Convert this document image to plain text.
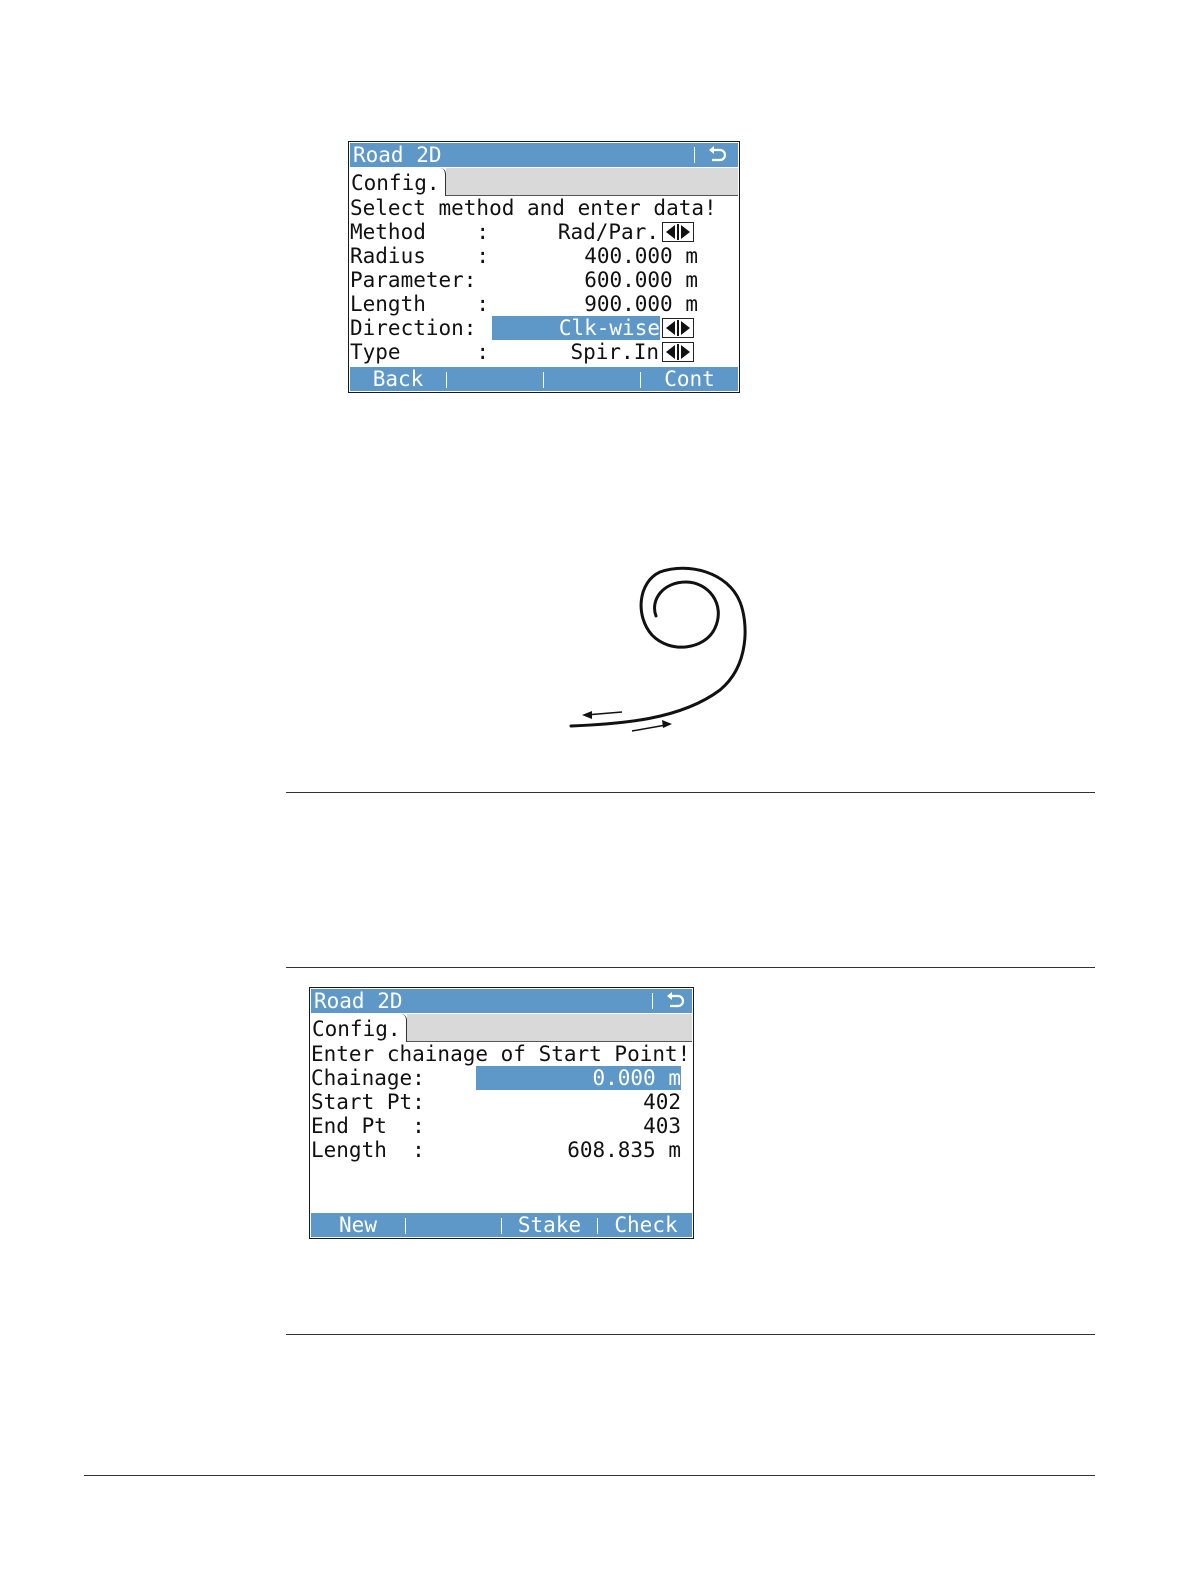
Road 2D
Config.
Select method and enter data!
Method    :	Rad/Par.
Radius    :	400.000 m
Parameter:	600.000 m
Length    :	900.000 m
Direction:	Clk-wise
Type      :	Spir.In
Back	Cont
Road 2D
Config.
Enter chainage of Start Point!
Chainage:	0.000 m
Start Pt:	402
End Pt  :	403
Length  :	608.835 m
New	Stake	Check
